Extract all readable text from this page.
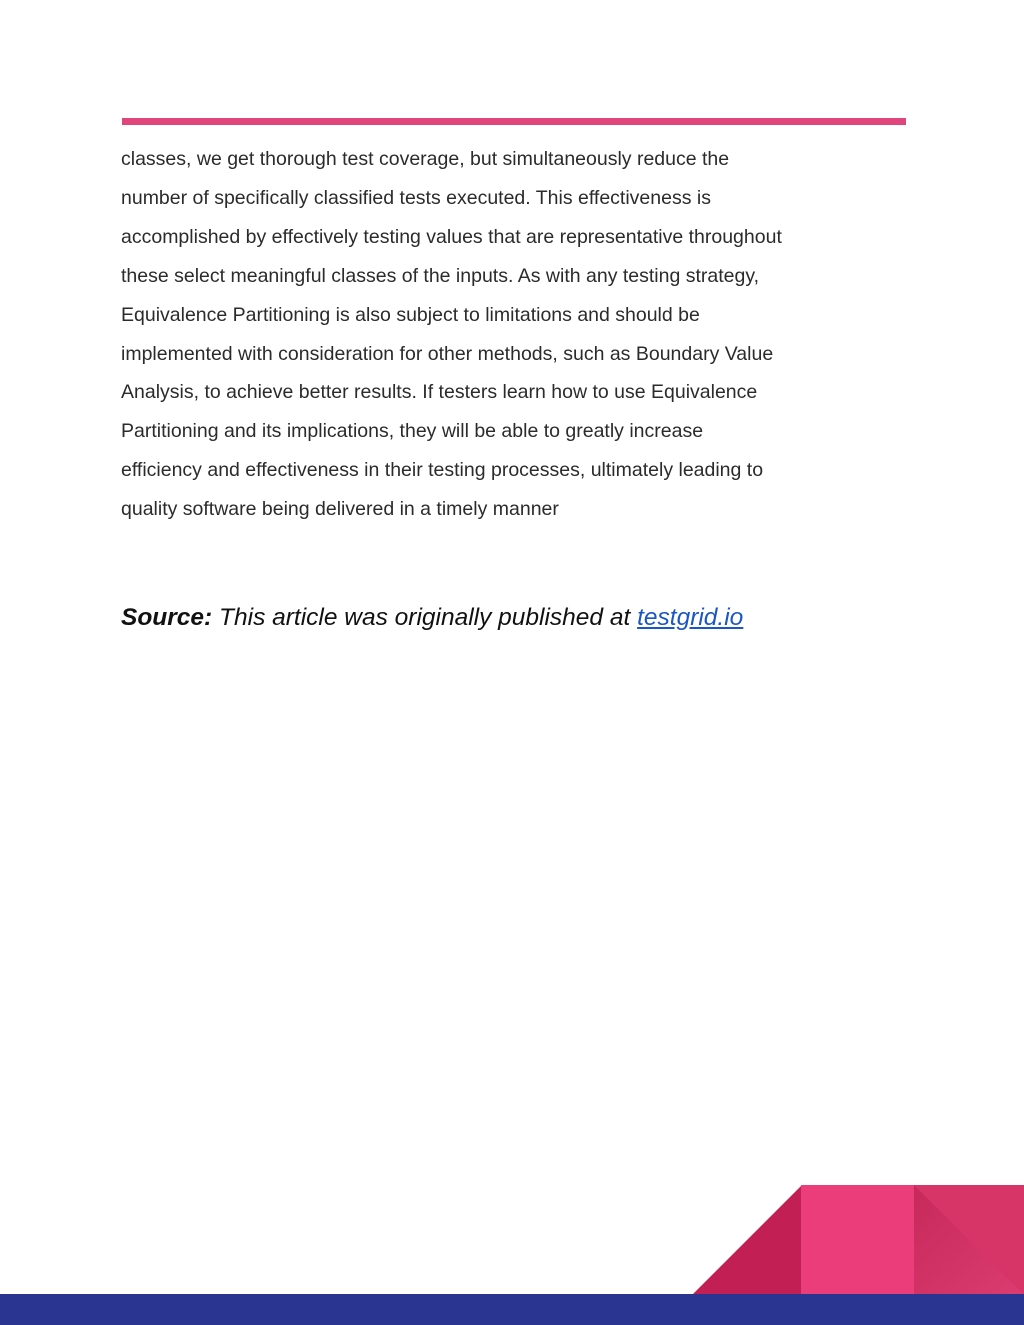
classes, we get thorough test coverage, but simultaneously reduce the
number of specifically classified tests executed. This effectiveness is
accomplished by effectively testing values that are representative throughout
these select meaningful classes of the inputs. As with any testing strategy,
Equivalence Partitioning is also subject to limitations and should be
implemented with consideration for other methods, such as Boundary Value
Analysis, to achieve better results. If testers learn how to use Equivalence
Partitioning and its implications, they will be able to greatly increase
efficiency and effectiveness in their testing processes, ultimately leading to
quality software being delivered in a timely manner

Source: This article was originally published at testgrid.io
